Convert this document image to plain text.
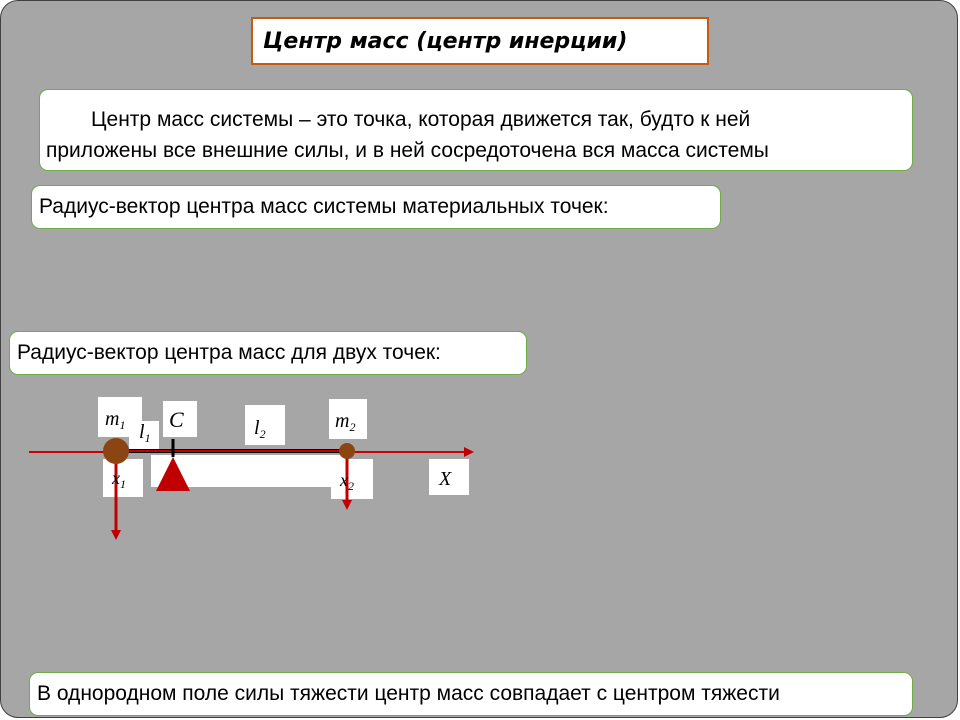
Центр масс (центр инерции)
Центр масс системы – это точка, которая движется так, будто к ней
приложены все внешние силы, и в ней сосредоточена вся масса системы
Радиус-вектор центра масс системы материальных точек:
Радиус-вектор центра масс для двух точек:
$m_1$ $l_1$
C	$l_2$
$m_2$
$x_1$	$x_2$	X
В однородном поле силы тяжести центр масс совпадает с центром тяжести
